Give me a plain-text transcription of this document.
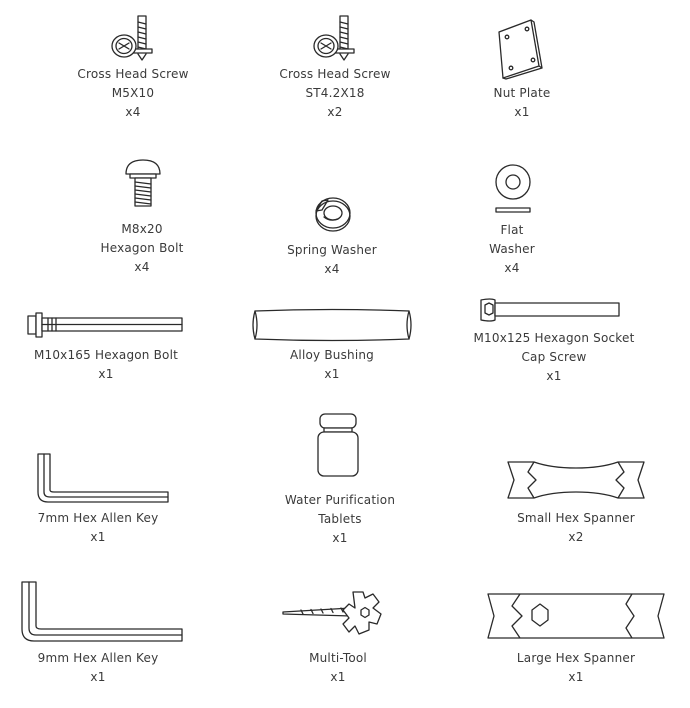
Cross Head Screw
M5X10
x4
Cross Head Screw
ST4.2X18
x2
Nut Plate
x1
M8x20
Hexagon Bolt
x4
Spring Washer
x4
Flat
Washer
x4
M10x165 Hexagon Bolt
x1
Alloy Bushing
x1
M10x125 Hexagon Socket
Cap Screw
x1
7mm Hex Allen Key
x1
Water Purification
Tablets
x1
Small Hex Spanner
x2
9mm Hex Allen Key
x1
Multi-Tool
x1
Large Hex Spanner
x1
